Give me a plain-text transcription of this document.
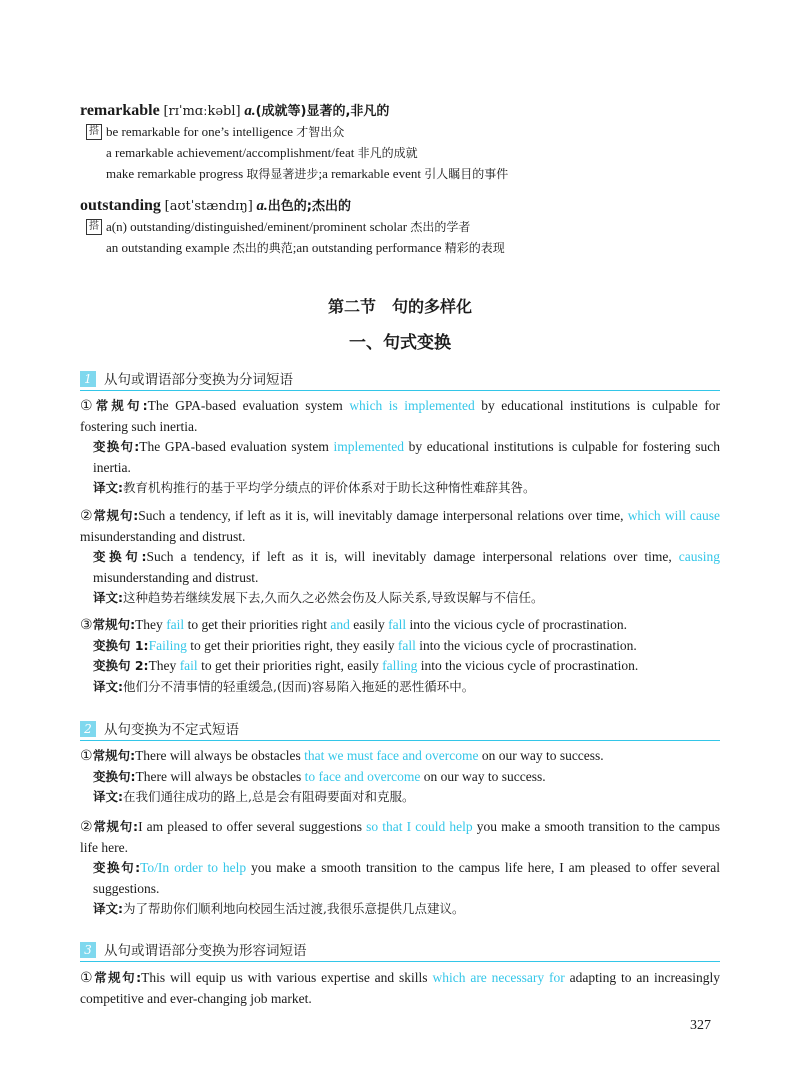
remarkable [rɪˈmɑːkəbl] a.(成就等)显著的,非凡的
搭 be remarkable for one’s intelligence 才智出众
a remarkable achievement/accomplishment/feat 非凡的成就
make remarkable progress 取得显著进步;a remarkable event 引人瞩目的事件
outstanding [aʊtˈstændɪŋ] a.出色的;杰出的
搭 a(n) outstanding/distinguished/eminent/prominent scholar 杰出的学者
an outstanding example 杰出的典范;an outstanding performance 精彩的表现
第二节　句的多样化
一、句式变换
1 从句或谓语部分变换为分词短语

①常规句:The GPA-based evaluation system which is implemented by educational institutions is culpable for fostering such inertia.

变换句:The GPA-based evaluation system implemented by educational institutions is culpable for fostering such inertia.

译文:教育机构推行的基于平均学分绩点的评价体系对于助长这种惰性难辞其咎。

②常规句:Such a tendency, if left as it is, will inevitably damage interpersonal relations over time, which will cause misunderstanding and distrust.

变换句:Such a tendency, if left as it is, will inevitably damage interpersonal relations over time, causing misunderstanding and distrust.

译文:这种趋势若继续发展下去,久而久之必然会伤及人际关系,导致误解与不信任。

③常规句:They fail to get their priorities right and easily fall into the vicious cycle of procrastination.

变换句 1:Failing to get their priorities right, they easily fall into the vicious cycle of procrastination.

变换句 2:They fail to get their priorities right, easily falling into the vicious cycle of procrastination.

译文:他们分不清事情的轻重缓急,(因而)容易陷入拖延的恶性循环中。

2 从句变换为不定式短语

①常规句:There will always be obstacles that we must face and overcome on our way to success.

变换句:There will always be obstacles to face and overcome on our way to success.

译文:在我们通往成功的路上,总是会有阻碍要面对和克服。

②常规句:I am pleased to offer several suggestions so that I could help you make a smooth transition to the campus life here.

变换句:To/In order to help you make a smooth transition to the campus life here, I am pleased to offer several suggestions.

译文:为了帮助你们顺利地向校园生活过渡,我很乐意提供几点建议。

3 从句或谓语部分变换为形容词短语

①常规句:This will equip us with various expertise and skills which are necessary for adapting to an increasingly competitive and ever-changing job market.

327
